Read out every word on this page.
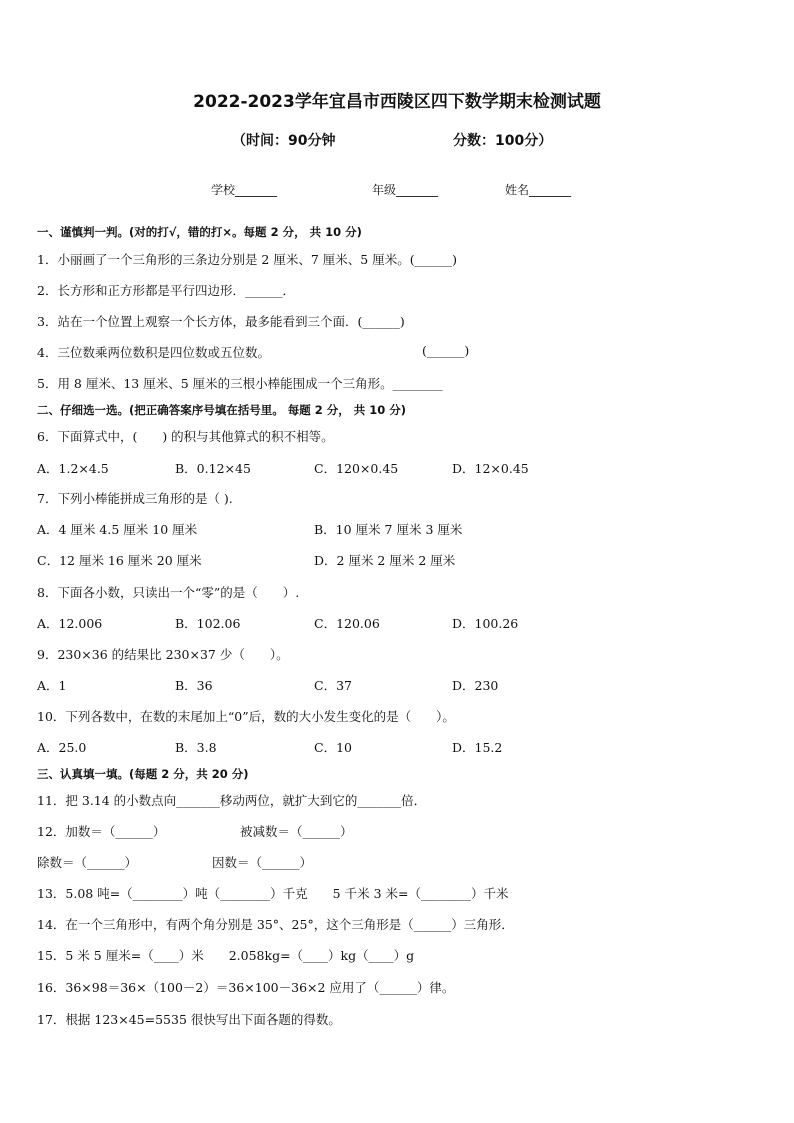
2022-2023学年宜昌市西陵区四下数学期末检测试题
（时间：90分钟	分数：100分）
学校_______	年级_______	姓名_______
一、谨慎判一判。(对的打√，错的打×。每题 2 分， 共 10 分)
1．小丽画了一个三角形的三条边分别是 2 厘米、7 厘米、5 厘米。(______)
2．长方形和正方形都是平行四边形．______．
3．站在一个位置上观察一个长方体，最多能看到三个面．(______)
4．三位数乘两位数积是四位数或五位数。	(______)
5．用 8 厘米、13 厘米、5 厘米的三根小棒能围成一个三角形。________
二、仔细选一选。(把正确答案序号填在括号里。 每题 2 分， 共 10 分)
6．下面算式中，(　　) 的积与其他算式的积不相等。
A．1.2×4.5	B．0.12×45	C．120×0.45	D．12×0.45
7．下列小棒能拼成三角形的是（ ).
A．4 厘米 4.5 厘米 10 厘米	B．10 厘米 7 厘米 3 厘米
C．12 厘米 16 厘米 20 厘米	D．2 厘米 2 厘米 2 厘米
8．下面各小数，只读出一个“零”的是（　　）.
A．12.006	B．102.06	C．120.06	D．100.26
9．230×36 的结果比 230×37 少（　　）。
A．1	B．36	C．37	D．230
10．下列各数中，在数的末尾加上“0”后，数的大小发生变化的是（　　）。
A．25.0	B．3.8	C．10	D．15.2
三、认真填一填。(每题 2 分，共 20 分)
11．把 3.14 的小数点向_______移动两位，就扩大到它的_______倍．
12．加数＝（______）	被减数＝（______）
除数＝（______）	因数＝（______）
13．5.08 吨=（________）吨（________）千克　　5 千米 3 米=（________）千米
14．在一个三角形中，有两个角分别是 35°、25°，这个三角形是（______）三角形．
15．5 米 5 厘米=（____）米　　2.058kg=（____）kg（____）g
16．36×98＝36×（100－2）＝36×100－36×2 应用了（______）律。
17．根据 123×45=5535 很快写出下面各题的得数。
